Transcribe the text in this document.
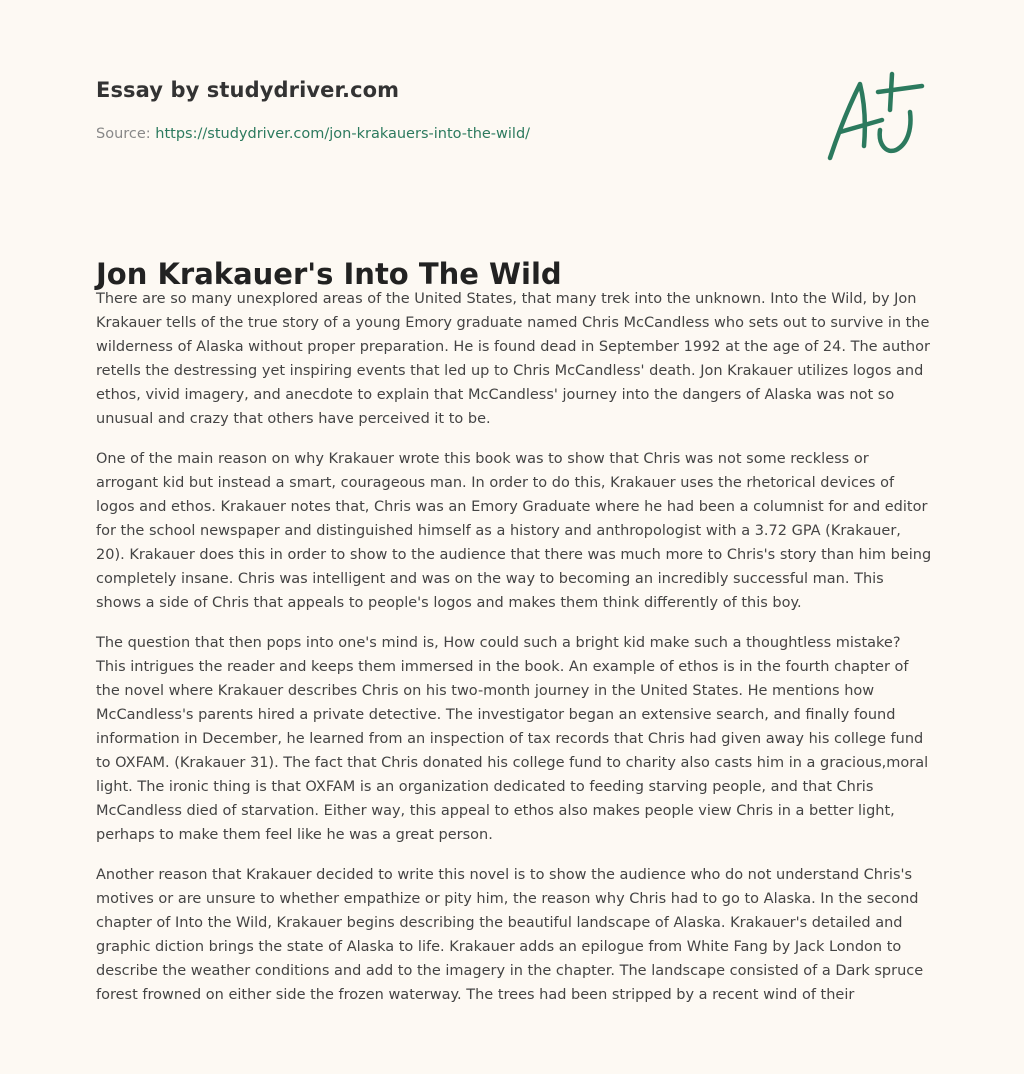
Essay by studydriver.com
Source: https://studydriver.com/jon-krakauers-into-the-wild/
Jon Krakauer's Into The Wild

There are so many unexplored areas of the United States, that many trek into the unknown. Into the Wild, by Jon Krakauer tells of the true story of a young Emory graduate named Chris McCandless who sets out to survive in the wilderness of Alaska without proper preparation. He is found dead in September 1992 at the age of 24. The author retells the destressing yet inspiring events that led up to Chris McCandless' death. Jon Krakauer utilizes logos and ethos, vivid imagery, and anecdote to explain that McCandless' journey into the dangers of Alaska was not so unusual and crazy that others have perceived it to be.

One of the main reason on why Krakauer wrote this book was to show that Chris was not some reckless or arrogant kid but instead a smart, courageous man. In order to do this, Krakauer uses the rhetorical devices of logos and ethos. Krakauer notes that, Chris was an Emory Graduate where he had been a columnist for and editor for the school newspaper and distinguished himself as a history and anthropologist with a 3.72 GPA (Krakauer, 20). Krakauer does this in order to show to the audience that there was much more to Chris's story than him being completely insane. Chris was intelligent and was on the way to becoming an incredibly successful man. This shows a side of Chris that appeals to people's logos and makes them think differently of this boy.

The question that then pops into one's mind is, How could such a bright kid make such a thoughtless mistake? This intrigues the reader and keeps them immersed in the book. An example of ethos is in the fourth chapter of the novel where Krakauer describes Chris on his two-month journey in the United States. He mentions how McCandless's parents hired a private detective. The investigator began an extensive search, and finally found information in December, he learned from an inspection of tax records that Chris had given away his college fund to OXFAM. (Krakauer 31). The fact that Chris donated his college fund to charity also casts him in a gracious,moral light. The ironic thing is that OXFAM is an organization dedicated to feeding starving people, and that Chris McCandless died of starvation. Either way, this appeal to ethos also makes people view Chris in a better light, perhaps to make them feel like he was a great person.

Another reason that Krakauer decided to write this novel is to show the audience who do not understand Chris's motives or are unsure to whether empathize or pity him, the reason why Chris had to go to Alaska. In the second chapter of Into the Wild, Krakauer begins describing the beautiful landscape of Alaska. Krakauer's detailed and graphic diction brings the state of Alaska to life. Krakauer adds an epilogue from White Fang by Jack London to describe the weather conditions and add to the imagery in the chapter. The landscape consisted of a Dark spruce forest frowned on either side the frozen waterway. The trees had been stripped by a recent wind of their
